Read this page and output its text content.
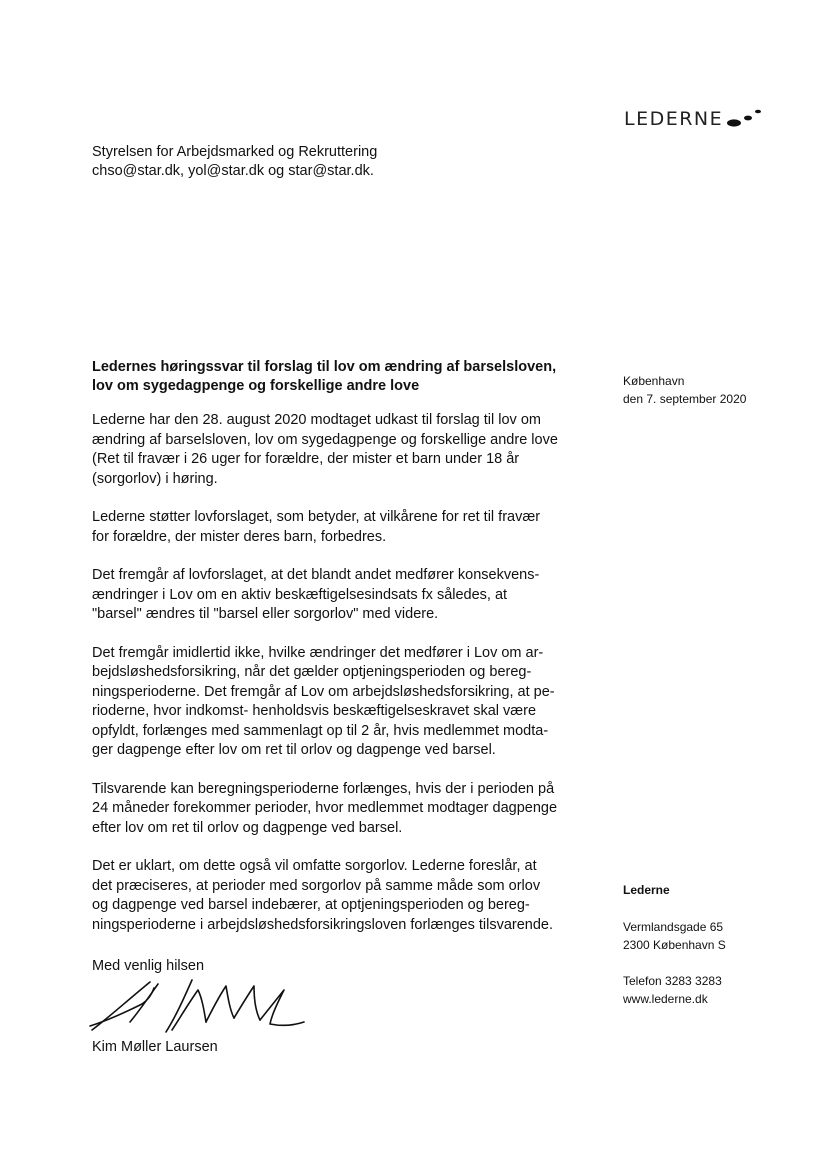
LEDERNE
Styrelsen for Arbejdsmarked og Rekruttering
chso@star.dk, yol@star.dk og star@star.dk.
Ledernes høringssvar til forslag til lov om ændring af barselsloven,
lov om sygedagpenge og forskellige andre love	København
den 7. september 2020

Lederne har den 28. august 2020 modtaget udkast til forslag til lov om
ændring af barselsloven, lov om sygedagpenge og forskellige andre love
(Ret til fravær i 26 uger for forældre, der mister et barn under 18 år
(sorgorlov) i høring.

Lederne støtter lovforslaget, som betyder, at vilkårene for ret til fravær
for forældre, der mister deres barn, forbedres.

Det fremgår af lovforslaget, at det blandt andet medfører konsekvens-
ændringer i Lov om en aktiv beskæftigelsesindsats fx således, at
"barsel" ændres til "barsel eller sorgorlov" med videre.

Det fremgår imidlertid ikke, hvilke ændringer det medfører i Lov om ar-
bejdsløshedsforsikring, når det gælder optjeningsperioden og bereg-
ningsperioderne. Det fremgår af Lov om arbejdsløshedsforsikring, at pe-
rioderne, hvor indkomst- henholdsvis beskæftigelseskravet skal være
opfyldt, forlænges med sammenlagt op til 2 år, hvis medlemmet modta-
ger dagpenge efter lov om ret til orlov og dagpenge ved barsel.

Tilsvarende kan beregningsperioderne forlænges, hvis der i perioden på
24 måneder forekommer perioder, hvor medlemmet modtager dagpenge
efter lov om ret til orlov og dagpenge ved barsel.

Det er uklart, om dette også vil omfatte sorgorlov. Lederne foreslår, at
det præciseres, at perioder med sorgorlov på samme måde som orlov
og dagpenge ved barsel indebærer, at optjeningsperioden og bereg-
ningsperioderne i arbejdsløshedsforsikringsloven forlænges tilsvarende.

Med venlig hilsen
Kim Møller Laursen
Lederne
Vermlandsgade 65
2300 København S
Telefon 3283 3283
www.lederne.dk
